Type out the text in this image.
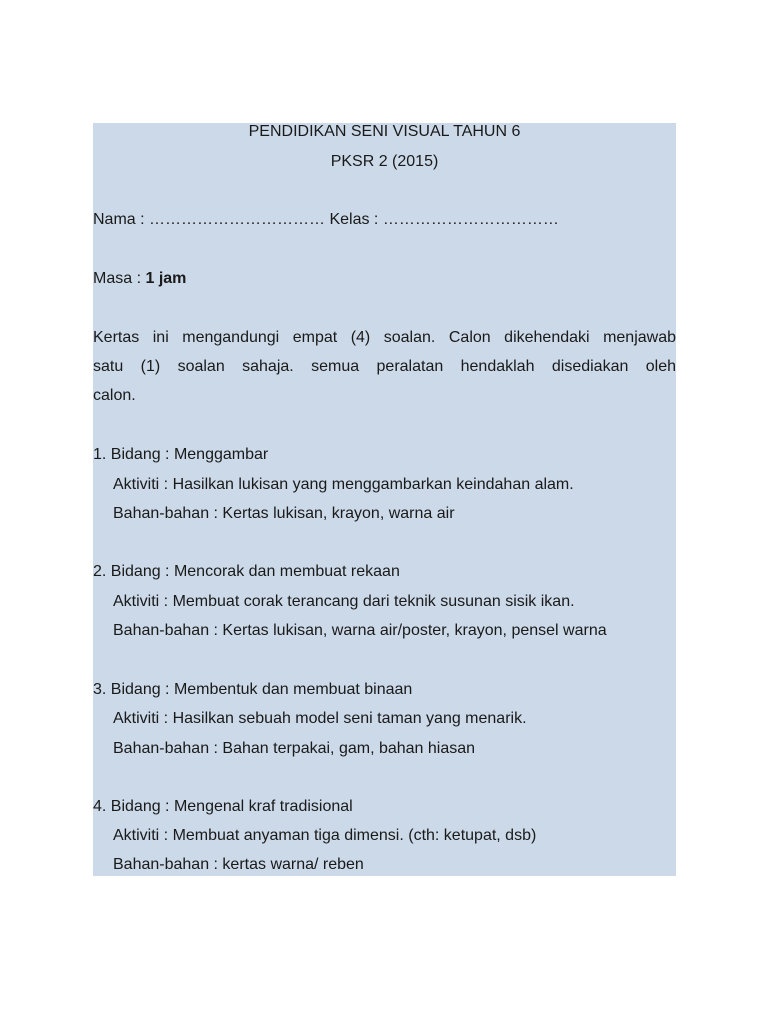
PENDIDIKAN SENI VISUAL TAHUN 6
PKSR 2 (2015)
Nama : …………………………… Kelas : ……………………………
Masa : 1 jam
Kertas ini mengandungi empat (4) soalan. Calon dikehendaki menjawab
satu (1) soalan sahaja. semua peralatan hendaklah disediakan oleh
calon.
1. Bidang : Menggambar
Aktiviti : Hasilkan lukisan yang menggambarkan keindahan alam.
Bahan-bahan : Kertas lukisan, krayon, warna air
2. Bidang : Mencorak dan membuat rekaan
Aktiviti : Membuat corak terancang dari teknik susunan sisik ikan.
Bahan-bahan : Kertas lukisan, warna air/poster, krayon, pensel warna
3. Bidang : Membentuk dan membuat binaan
Aktiviti : Hasilkan sebuah model seni taman yang menarik.
Bahan-bahan : Bahan terpakai, gam, bahan hiasan
4. Bidang : Mengenal kraf tradisional
Aktiviti : Membuat anyaman tiga dimensi. (cth: ketupat, dsb)
Bahan-bahan : kertas warna/ reben
